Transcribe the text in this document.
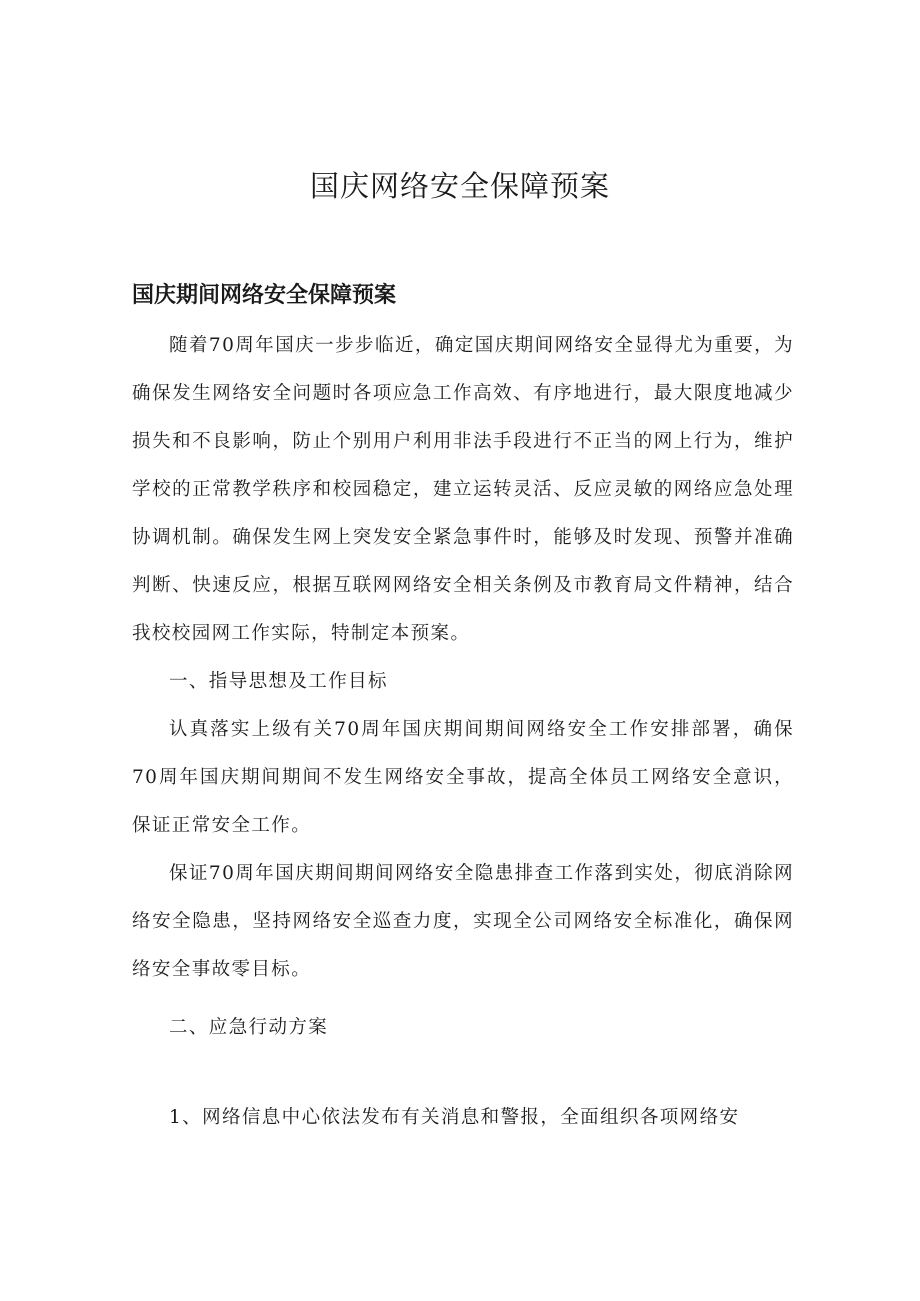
国庆网络安全保障预案
国庆期间网络安全保障预案

随着70周年国庆一步步临近，确定国庆期间网络安全显得尤为重要，为确保发生网络安全问题时各项应急工作高效、有序地进行，最大限度地减少损失和不良影响，防止个别用户利用非法手段进行不正当的网上行为，维护学校的正常教学秩序和校园稳定，建立运转灵活、反应灵敏的网络应急处理协调机制。确保发生网上突发安全紧急事件时，能够及时发现、预警并准确判断、快速反应，根据互联网网络安全相关条例及市教育局文件精神，结合我校校园网工作实际，特制定本预案。

一、指导思想及工作目标

认真落实上级有关70周年国庆期间期间网络安全工作安排部署，确保70周年国庆期间期间不发生网络安全事故，提高全体员工网络安全意识，保证正常安全工作。

保证70周年国庆期间期间网络安全隐患排查工作落到实处，彻底消除网络安全隐患，坚持网络安全巡查力度，实现全公司网络安全标准化，确保网络安全事故零目标。

二、应急行动方案

1、网络信息中心依法发布有关消息和警报，全面组织各项网络安
